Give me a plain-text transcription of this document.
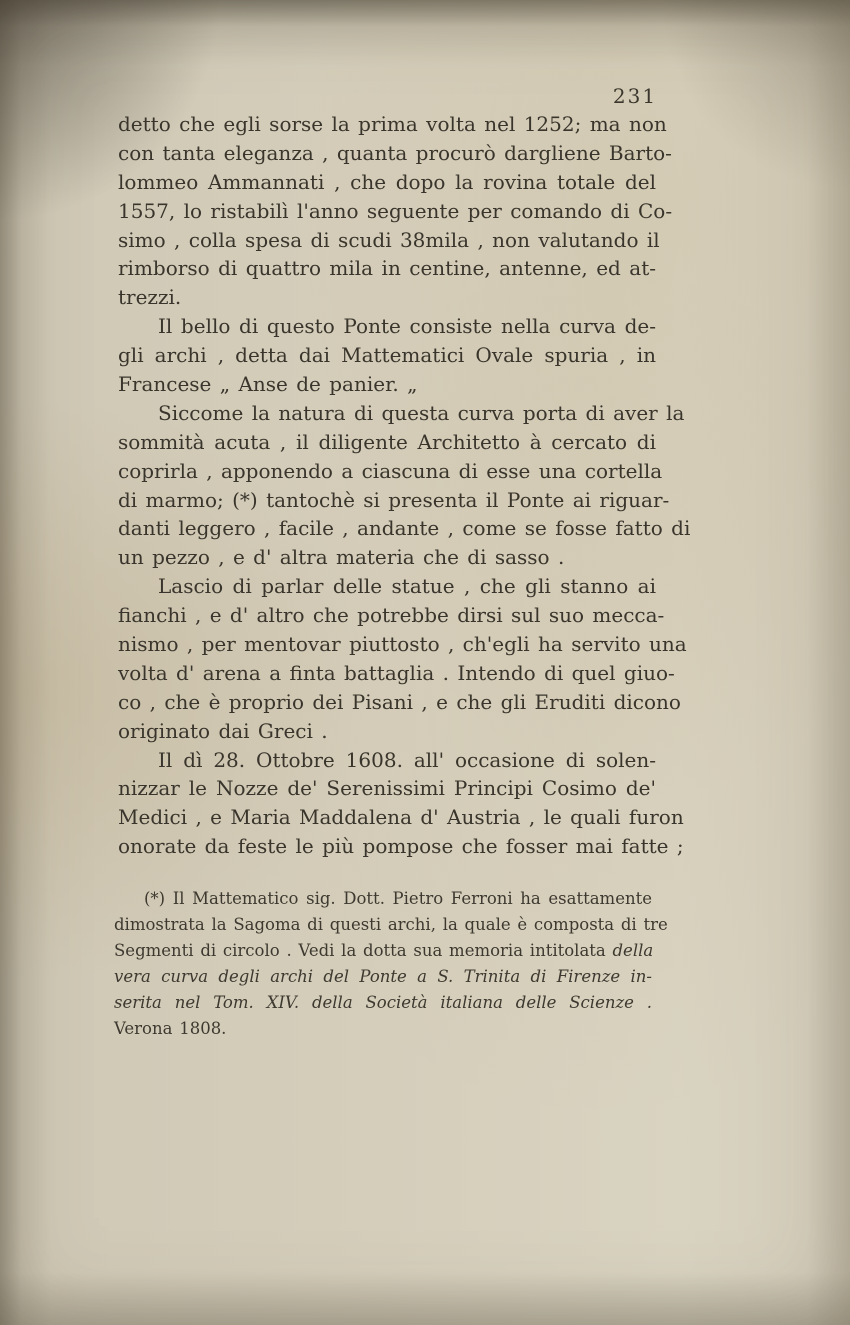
231
detto che egli sorse la prima volta nel 1252; ma non
con tanta eleganza , quanta procurò dargliene Barto-
lommeo Ammannati , che dopo la rovina totale del
1557, lo ristabilì l'anno seguente per comando di Co-
simo , colla spesa di scudi 38mila , non valutando il
rimborso di quattro mila in centine, antenne, ed at-
trezzi.
Il bello di questo Ponte consiste nella curva de-
gli archi , detta dai Mattematici Ovale spuria , in
Francese „ Anse de panier. „
Siccome la natura di questa curva porta di aver la
sommità acuta , il diligente Architetto à cercato di
coprirla , apponendo a ciascuna di esse una cortella
di marmo; (*) tantochè si presenta il Ponte ai riguar-
danti leggero , facile , andante , come se fosse fatto di
un pezzo , e d' altra materia che di sasso .
Lascio di parlar delle statue , che gli stanno ai
fianchi , e d' altro che potrebbe dirsi sul suo mecca-
nismo , per mentovar piuttosto , ch'egli ha servito una
volta d' arena a finta battaglia . Intendo di quel giuo-
co , che è proprio dei Pisani , e che gli Eruditi dicono
originato dai Greci .
Il dì 28. Ottobre 1608. all' occasione di solen-
nizzar le Nozze de' Serenissimi Principi Cosimo de'
Medici , e Maria Maddalena d' Austria , le quali furon
onorate da feste le più pompose che fosser mai fatte ;
(*) Il Mattematico sig. Dott. Pietro Ferroni ha esattamente
dimostrata la Sagoma di questi archi, la quale è composta di tre
Segmenti di circolo . Vedi la dotta sua memoria intitolata della
vera curva degli archi del Ponte a S. Trinita di Firenze in-
serita nel Tom. XIV. della Società italiana delle Scienze .
Verona 1808.
